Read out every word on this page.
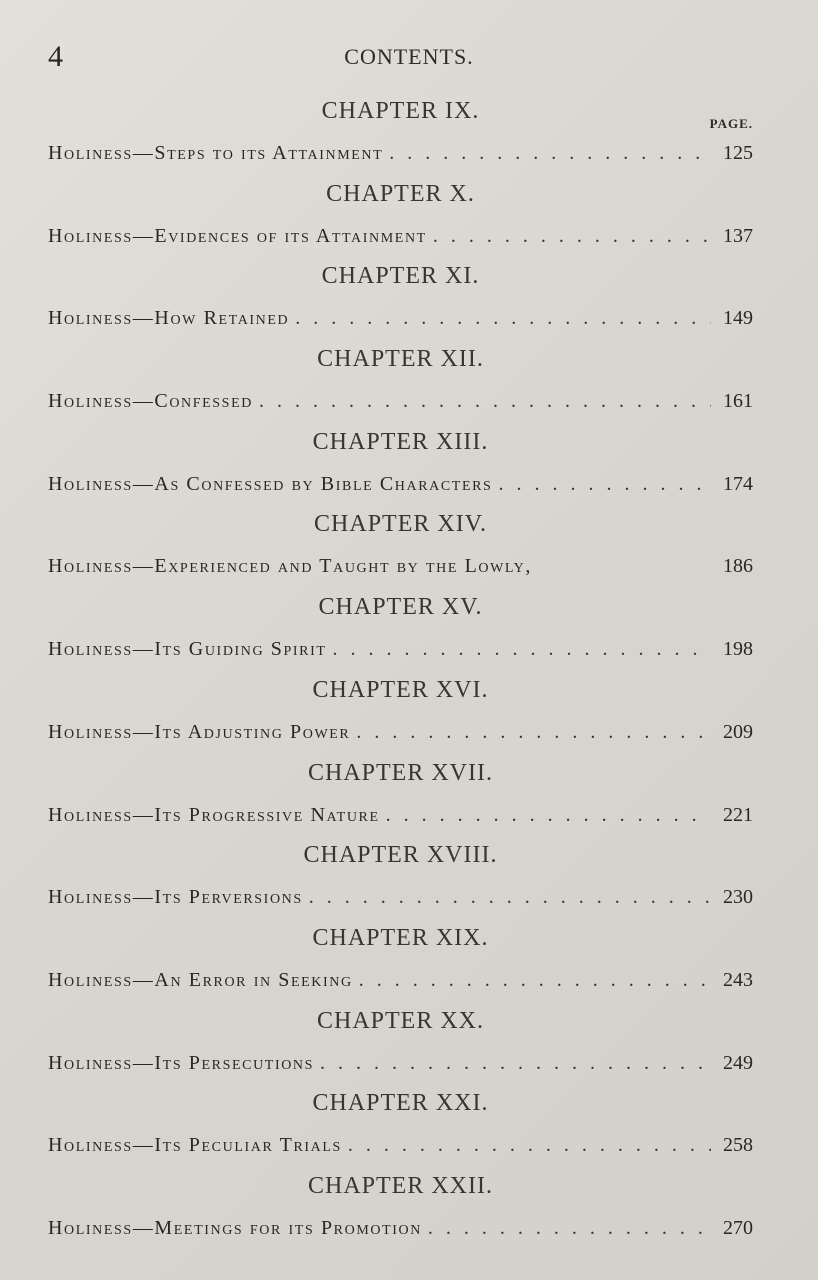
4	CONTENTS.
CHAPTER IX.	PAGE.
Holiness—Steps to its Attainment . . .	125
CHAPTER X.
Holiness—Evidences of its Attainment . . .	137
CHAPTER XI.
Holiness—How Retained . . .	149
CHAPTER XII.
Holiness—Confessed . . .	161
CHAPTER XIII.
Holiness—As Confessed by Bible Characters . . .	174
CHAPTER XIV.
Holiness—Experienced and Taught by the Lowly,	186
CHAPTER XV.
Holiness—Its Guiding Spirit . . .	198
CHAPTER XVI.
Holiness—Its Adjusting Power . . .	209
CHAPTER XVII.
Holiness—Its Progressive Nature . . .	221
CHAPTER XVIII.
Holiness—Its Perversions . . .	230
CHAPTER XIX.
Holiness—An Error in Seeking . . .	243
CHAPTER XX.
Holiness—Its Persecutions . . .	249
CHAPTER XXI.
Holiness—Its Peculiar Trials . . .	258
CHAPTER XXII.
Holiness—Meetings for its Promotion . . .	270
